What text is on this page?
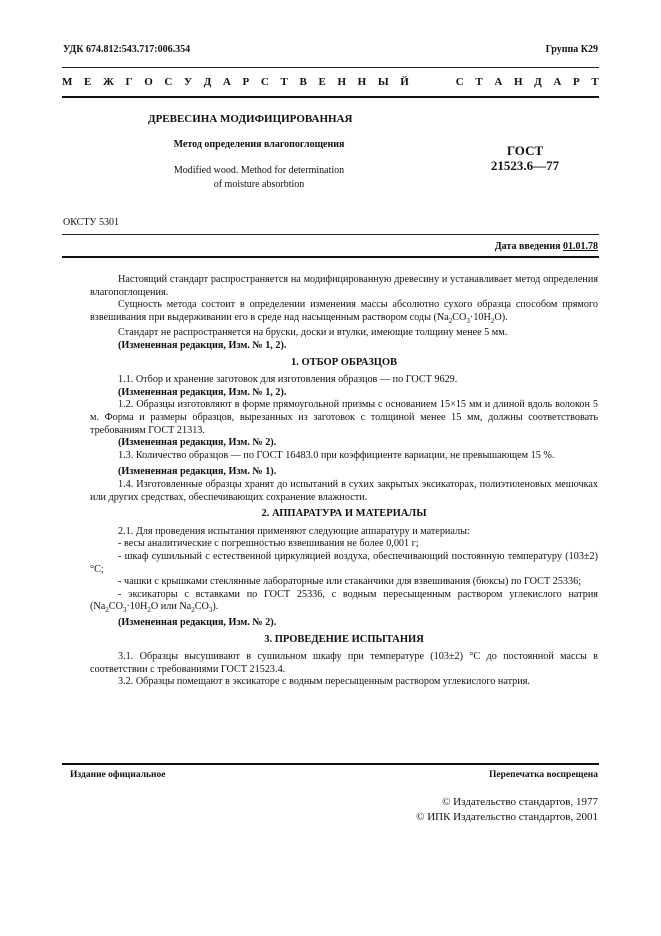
УДК 674.812:543.717:006.354	Группа К29
М Е Ж Г О С У Д А Р С Т В Е Н Н Ы Й	С Т А Н Д А Р Т
ДРЕВЕСИНА МОДИФИЦИРОВАННАЯ
Метод определения влагопоглощения
Modified wood. Method for determination
of moisture absorbtion
ГОСТ
21523.6—77
ОКСТУ 5301
Дата введения 01.01.78

Настоящий стандарт распространяется на модифицированную древесину и устанавливает метод определения влагопоглощения.

Сущность метода состоит в определении изменения массы абсолютно сухого образца способом прямого взвешивания при выдерживании его в среде над насыщенным раствором соды $(Na_2CO_3\cdot 10H_2O)$.

Стандарт не распространяется на бруски, доски и втулки, имеющие толщину менее 5 мм.

(Измененная редакция, Изм. № 1, 2).

1. ОТБОР ОБРАЗЦОВ

1.1. Отбор и хранение заготовок для изготовления образцов — по ГОСТ 9629.

(Измененная редакция, Изм. № 1, 2).

1.2. Образцы изготовляют в форме прямоугольной призмы с основанием 15×15 мм и длиной вдоль волокон 5 м. Форма и размеры образцов, вырезанных из заготовок с толщиной менее 15 мм, должны соответствовать требованиям ГОСТ 21313.

(Измененная редакция, Изм. № 2).

1.3. Количество образцов — по ГОСТ 16483.0 при коэффициенте вариации, не превышающем 15 %.

(Измененная редакция, Изм. № 1).

1.4. Изготовленные образцы хранят до испытаний в сухих закрытых эксикаторах, полиэтиленовых мешочках или других средствах, обеспечивающих сохранение влажности.

2. АППАРАТУРА И МАТЕРИАЛЫ

2.1. Для проведения испытания применяют следующие аппаратуру и материалы:

- весы аналитические с погрешностью взвешивания не более 0,001 г;

- шкаф сушильный с естественной циркуляцией воздуха, обеспечивающий постоянную температуру (103±2) °С;

- чашки с крышками стеклянные лабораторные или стаканчики для взвешивания (бюксы) по ГОСТ 25336;

- эксикаторы с вставками по ГОСТ 25336, с водным пересыщенным раствором углекислого натрия ($Na_2CO_3\cdot 10H_2O$ или $Na_2CO_3$).

(Измененная редакция, Изм. № 2).

3. ПРОВЕДЕНИЕ ИСПЫТАНИЯ

3.1. Образцы высушивают в сушильном шкафу при температуре (103±2) °С до постоянной массы в соответствии с требованиями ГОСТ 21523.4.

3.2. Образцы помещают в эксикаторе с водным пересыщенным раствором углекислого натрия.

Издание официальное	Перепечатка воспрещена
© Издательство стандартов, 1977
© ИПК Издательство стандартов, 2001
